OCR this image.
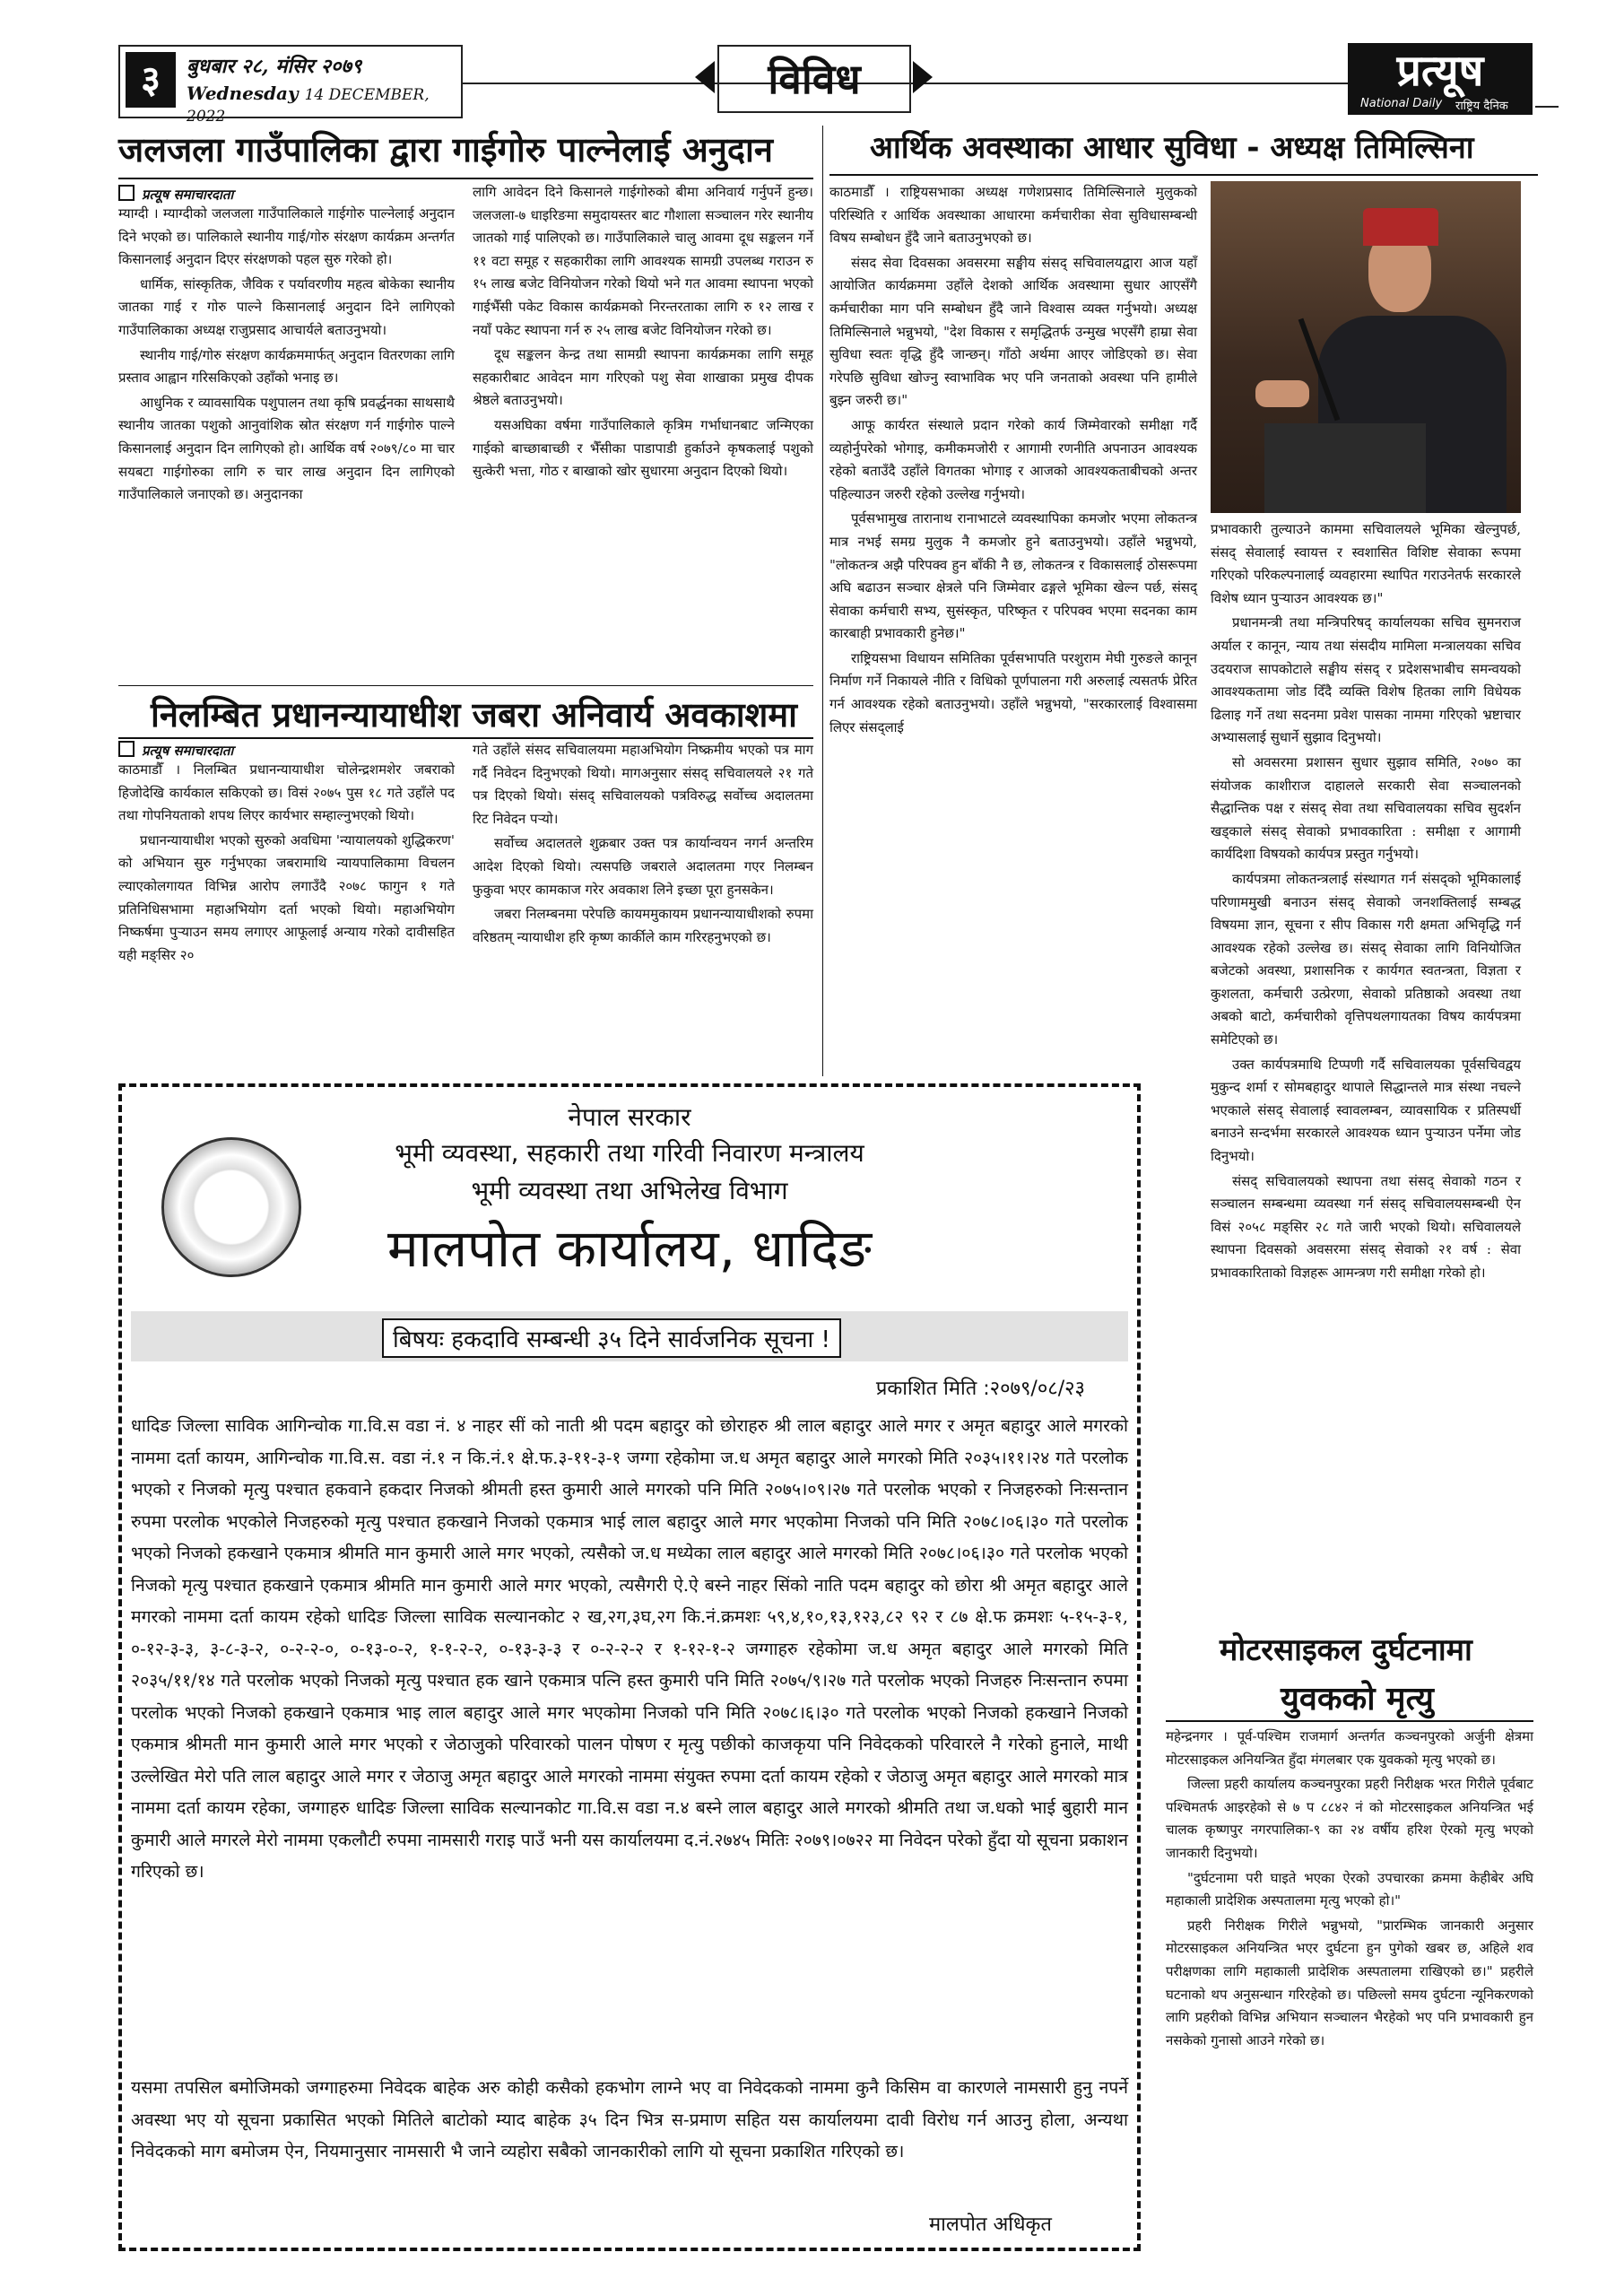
३	बुधबार २८, मंसिर २०७९
Wednesday 14 DECEMBER, 2022
विविध	प्रत्यूष
National Daily राष्ट्रिय दैनिक
जलजला गाउँपालिका द्वारा गाईगोरु पाल्नेलाई अनुदान
प्रत्यूष समाचारदाता

म्याग्दी । म्याग्दीको जलजला गाउँपालिकाले गाईगोरु पाल्नेलाई अनुदान दिने भएको छ। पालिकाले स्थानीय गाई/गोरु संरक्षण कार्यक्रम अन्तर्गत किसानलाई अनुदान दिएर संरक्षणको पहल सुरु गरेको हो।

धार्मिक, सांस्कृतिक, जैविक र पर्यावरणीय महत्व बोकेका स्थानीय जातका गाई र गोरु पाल्ने किसानलाई अनुदान दिने लागिएको गाउँपालिकाका अध्यक्ष राजुप्रसाद आचार्यले बताउनुभयो।

स्थानीय गाई/गोरु संरक्षण कार्यक्रममार्फत् अनुदान वितरणका लागि प्रस्ताव आह्वान गरिसकिएको उहाँको भनाइ छ।

आधुनिक र व्यावसायिक पशुपालन तथा कृषि प्रवर्द्धनका साथसाथै स्थानीय जातका पशुको आनुवांशिक स्रोत संरक्षण गर्न गाईगोरु पाल्ने किसानलाई अनुदान दिन लागिएको हो। आर्थिक वर्ष २०७९/८० मा चार सयबटा गाईगोरुका लागि रु चार लाख अनुदान दिन लागिएको गाउँपालिकाले जनाएको छ। अनुदानका

लागि आवेदन दिने किसानले गाईगोरुको बीमा अनिवार्य गर्नुपर्ने हुन्छ। जलजला-७ धाइरिङमा समुदायस्तर बाट गौशाला सञ्चालन गरेर स्थानीय जातको गाई पालिएको छ। गाउँपालिकाले चालु आवमा दूध सङ्कलन गर्ने ११ वटा समूह र सहकारीका लागि आवश्यक सामग्री उपलब्ध गराउन रु १५ लाख बजेट विनियोजन गरेको थियो भने गत आवमा स्थापना भएको गाईभैँसी पकेट विकास कार्यक्रमको निरन्तरताका लागि रु १२ लाख र नयाँ पकेट स्थापना गर्न रु २५ लाख बजेट विनियोजन गरेको छ।

दूध सङ्कलन केन्द्र तथा सामग्री स्थापना कार्यक्रमका लागि समूह सहकारीबाट आवेदन माग गरिएको पशु सेवा शाखाका प्रमुख दीपक श्रेष्ठले बताउनुभयो।

यसअघिका वर्षमा गाउँपालिकाले कृत्रिम गर्भाधानबाट जन्मिएका गाईको बाच्छाबाच्छी र भैँसीका पाडापाडी हुर्काउने कृषकलाई पशुको सुत्केरी भत्ता, गोठ र बाखाको खोर सुधारमा अनुदान दिएको थियो।

निलम्बित प्रधानन्यायाधीश जबरा अनिवार्य अवकाशमा
प्रत्यूष समाचारदाता

काठमाडौँ । निलम्बित प्रधानन्यायाधीश चोलेन्द्रशमशेर जबराको हिजोदेखि कार्यकाल सकिएको छ। विसं २०७५ पुस १८ गते उहाँले पद तथा गोपनियताको शपथ लिएर कार्यभार सम्हाल्नुभएको थियो।

प्रधानन्यायाधीश भएको सुरुको अवधिमा 'न्यायालयको शुद्धिकरण' को अभियान सुरु गर्नुभएका जबरामाथि न्यायपालिकामा विचलन ल्याएकोलगायत विभिन्न आरोप लगाउँदै २०७८ फागुन १ गते प्रतिनिधिसभामा महाअभियोग दर्ता भएको थियो। महाअभियोग निष्कर्षमा पुऱ्याउन समय लगाएर आफूलाई अन्याय गरेको दावीसहित यही मङ्सिर २०

गते उहाँले संसद सचिवालयमा महाअभियोग निष्क्रमीय भएको पत्र माग गर्दै निवेदन दिनुभएको थियो। मागअनुसार संसद् सचिवालयले २१ गते पत्र दिएको थियो। संसद् सचिवालयको पत्रविरुद्ध सर्वोच्च अदालतमा रिट निवेदन पऱ्यो।

सर्वोच्च अदालतले शुक्रबार उक्त पत्र कार्यान्वयन नगर्न अन्तरिम आदेश दिएको थियो। त्यसपछि जबराले अदालतमा गएर निलम्बन फुकुवा भएर कामकाज गरेर अवकाश लिने इच्छा पूरा हुनसकेन।

जबरा निलम्बनमा परेपछि कायममुकायम प्रधानन्यायाधीशको रुपमा वरिष्ठतम् न्यायाधीश हरि कृष्ण कार्कीले काम गरिरहनुभएको छ।

आर्थिक अवस्थाका आधार सुविधा - अध्यक्ष तिमिल्सिना

काठमाडौँ । राष्ट्रियसभाका अध्यक्ष गणेशप्रसाद तिमिल्सिनाले मुलुकको परिस्थिति र आर्थिक अवस्थाका आधारमा कर्मचारीका सेवा सुविधासम्बन्धी विषय सम्बोधन हुँदै जाने बताउनुभएको छ।

संसद सेवा दिवसका अवसरमा सङ्घीय संसद् सचिवालयद्वारा आज यहाँ आयोजित कार्यक्रममा उहाँले देशको आर्थिक अवस्थामा सुधार आएसँगै कर्मचारीका माग पनि सम्बोधन हुँदै जाने विश्वास व्यक्त गर्नुभयो। अध्यक्ष तिमिल्सिनाले भन्नुभयो, "देश विकास र समृद्धितर्फ उन्मुख भएसँगै हाम्रा सेवा सुविधा स्वतः वृद्धि हुँदै जान्छन्। गाँठो अर्थमा आएर जोडिएको छ। सेवा गरेपछि सुविधा खोज्नु स्वाभाविक भए पनि जनताको अवस्था पनि हामीले बुझ्न जरुरी छ।"

आफू कार्यरत संस्थाले प्रदान गरेको कार्य जिम्मेवारको समीक्षा गर्दै व्यहोर्नुपरेको भोगाइ, कमीकमजोरी र आगामी रणनीति अपनाउन आवश्यक रहेको बताउँदै उहाँले विगतका भोगाइ र आजको आवश्यकताबीचको अन्तर पहिल्याउन जरुरी रहेको उल्लेख गर्नुभयो।

पूर्वसभामुख तारानाथ रानाभाटले व्यवस्थापिका कमजोर भएमा लोकतन्त्र मात्र नभई समग्र मुलुक नै कमजोर हुने बताउनुभयो। उहाँले भन्नुभयो, "लोकतन्त्र अझै परिपक्व हुन बाँकी नै छ, लोकतन्त्र र विकासलाई ठोसरूपमा अघि बढाउन सञ्चार क्षेत्रले पनि जिम्मेवार ढङ्गले भूमिका खेल्न पर्छ, संसद् सेवाका कर्मचारी सभ्य, सुसंस्कृत, परिष्कृत र परिपक्व भएमा सदनका काम कारबाही प्रभावकारी हुनेछ।"

राष्ट्रियसभा विधायन समितिका पूर्वसभापति परशुराम मेघी गुरुङले कानून निर्माण गर्ने निकायले नीति र विधिको पूर्णपालना गरी अरुलाई त्यसतर्फ प्रेरित गर्न आवश्यक रहेको बताउनुभयो। उहाँले भन्नुभयो, "सरकारलाई विश्वासमा लिएर संसद्लाई

प्रभावकारी तुल्याउने काममा सचिवालयले भूमिका खेल्नुपर्छ, संसद् सेवालाई स्वायत्त र स्वशासित विशिष्ट सेवाका रूपमा गरिएको परिकल्पनालाई व्यवहारमा स्थापित गराउनेतर्फ सरकारले विशेष ध्यान पुऱ्याउन आवश्यक छ।"

प्रधानमन्त्री तथा मन्त्रिपरिषद् कार्यालयका सचिव सुमनराज अर्याल र कानून, न्याय तथा संसदीय मामिला मन्त्रालयका सचिव उदयराज सापकोटाले सङ्घीय संसद् र प्रदेशसभाबीच समन्वयको आवश्यकतामा जोड दिँदै व्यक्ति विशेष हितका लागि विधेयक ढिलाइ गर्ने तथा सदनमा प्रवेश पासका नाममा गरिएको भ्रष्टाचार अभ्यासलाई सुधार्ने सुझाव दिनुभयो।

सो अवसरमा प्रशासन सुधार सुझाव समिति, २०७० का संयोजक काशीराज दाहालले सरकारी सेवा सञ्चालनको सैद्धान्तिक पक्ष र संसद् सेवा तथा सचिवालयका सचिव सुदर्शन खड्काले संसद् सेवाको प्रभावकारिता : समीक्षा र आगामी कार्यदिशा विषयको कार्यपत्र प्रस्तुत गर्नुभयो।

कार्यपत्रमा लोकतन्त्रलाई संस्थागत गर्न संसद्को भूमिकालाई परिणाममुखी बनाउन संसद् सेवाको जनशक्तिलाई सम्बद्ध विषयमा ज्ञान, सूचना र सीप विकास गरी क्षमता अभिवृद्धि गर्न आवश्यक रहेको उल्लेख छ। संसद् सेवाका लागि विनियोजित बजेटको अवस्था, प्रशासनिक र कार्यगत स्वतन्त्रता, विज्ञता र कुशलता, कर्मचारी उत्प्रेरणा, सेवाको प्रतिष्ठाको अवस्था तथा अबको बाटो, कर्मचारीको वृत्तिपथलगायतका विषय कार्यपत्रमा समेटिएको छ।

उक्त कार्यपत्रमाथि टिप्पणी गर्दै सचिवालयका पूर्वसचिवद्वय मुकुन्द शर्मा र सोमबहादुर थापाले सिद्धान्तले मात्र संस्था नचल्ने भएकाले संसद् सेवालाई स्वावलम्बन, व्यावसायिक र प्रतिस्पर्धी बनाउने सन्दर्भमा सरकारले आवश्यक ध्यान पुऱ्याउन पर्नेमा जोड दिनुभयो।

संसद् सचिवालयको स्थापना तथा संसद् सेवाको गठन र सञ्चालन सम्बन्धमा व्यवस्था गर्न संसद् सचिवालयसम्बन्धी ऐन विसं २०५८ मङ्सिर २८ गते जारी भएको थियो। सचिवालयले स्थापना दिवसको अवसरमा संसद् सेवाको २१ वर्ष : सेवा प्रभावकारिताको विज्ञहरू आमन्त्रण गरी समीक्षा गरेको हो।

मोटरसाइकल दुर्घटनामा
युवकको मृत्यु

महेन्द्रनगर । पूर्व-पश्चिम राजमार्ग अन्तर्गत कञ्चनपुरको अर्जुनी क्षेत्रमा मोटरसाइकल अनियन्त्रित हुँदा मंगलबार एक युवकको मृत्यु भएको छ।

जिल्ला प्रहरी कार्यालय कञ्चनपुरका प्रहरी निरीक्षक भरत गिरीले पूर्वबाट पश्चिमतर्फ आइरहेको से ७ प ८८४२ नं को मोटरसाइकल अनियन्त्रित भई चालक कृष्णपुर नगरपालिका-९ का २४ वर्षीय हरिश ऐरको मृत्यु भएको जानकारी दिनुभयो।

"दुर्घटनामा परी घाइते भएका ऐरको उपचारका क्रममा केहीबेर अघि महाकाली प्रादेशिक अस्पतालमा मृत्यु भएको हो।"

प्रहरी निरीक्षक गिरीले भन्नुभयो, "प्रारम्भिक जानकारी अनुसार मोटरसाइकल अनियन्त्रित भएर दुर्घटना हुन पुगेको खबर छ, अहिले शव परीक्षणका लागि महाकाली प्रादेशिक अस्पतालमा राखिएको छ।" प्रहरीले घटनाको थप अनुसन्धान गरिरहेको छ। पछिल्लो समय दुर्घटना न्यूनिकरणको लागि प्रहरीको विभिन्न अभियान सञ्चालन भैरहेको भए पनि प्रभावकारी हुन नसकेको गुनासो आउने गरेको छ।

नेपाल सरकार
भूमी व्यवस्था, सहकारी तथा गरिवी निवारण मन्त्रालय
भूमी व्यवस्था तथा अभिलेख विभाग
मालपोत कार्यालय, धादिङ
बिषयः हकदावि सम्बन्धी ३५ दिने सार्वजनिक सूचना !
प्रकाशित मिति :२०७९/०८/२३
धादिङ जिल्ला साविक आगिन्चोक गा.वि.स वडा नं. ४ नाहर सीं को नाती श्री पदम बहादुर को छोराहरु श्री लाल बहादुर आले मगर र अमृत बहादुर आले मगरको नाममा दर्ता कायम, आगिन्चोक गा.वि.स. वडा नं.१ न कि.नं.१ क्षे.फ.३-११-३-१ जग्गा रहेकोमा ज.ध अमृत बहादुर आले मगरको मिति २०३५।११।२४ गते परलोक भएको र निजको मृत्यु पश्चात हकवाने हकदार निजको श्रीमती हस्त कुमारी आले मगरको पनि मिति २०७५।०९।२७ गते परलोक भएको र निजहरुको निःसन्तान रुपमा परलोक भएकोले निजहरुको मृत्यु पश्चात हकखाने निजको एकमात्र भाई लाल बहादुर आले मगर भएकोमा निजको पनि मिति २०७८।०६।३० गते परलोक भएको निजको हकखाने एकमात्र श्रीमति मान कुमारी आले मगर भएको, त्यसैको ज.ध मध्येका लाल बहादुर आले मगरको मिति २०७८।०६।३० गते परलोक भएको निजको मृत्यु पश्चात हकखाने एकमात्र श्रीमति मान कुमारी आले मगर भएको, त्यसैगरी ऐ.ऐ बस्ने नाहर सिंको नाति पदम बहादुर को छोरा श्री अमृत बहादुर आले मगरको नाममा दर्ता कायम रहेको धादिङ जिल्ला साविक सल्यानकोट २ ख,२ग,३घ,२ग कि.नं.क्रमशः ५९,४,१०,१३,१२३,८२ ९२ र ८७ क्षे.फ क्रमशः ५-१५-३-१, ०-१२-३-३, ३-८-३-२, ०-२-२-०, ०-१३-०-२, १-१-२-२, ०-१३-३-३ र ०-२-२-२ र १-१२-१-२ जग्गाहरु रहेकोमा ज.ध अमृत बहादुर आले मगरको मिति २०३५/११/१४ गते परलोक भएको निजको मृत्यु पश्चात हक खाने एकमात्र पत्नि हस्त कुमारी पनि मिति २०७५/९।२७ गते परलोक भएको निजहरु निःसन्तान रुपमा परलोक भएको निजको हकखाने एकमात्र भाइ लाल बहादुर आले मगर भएकोमा निजको पनि मिति २०७८।६।३० गते परलोक भएको निजको हकखाने निजको एकमात्र श्रीमती मान कुमारी आले मगर भएको र जेठाजुको परिवारको पालन पोषण र मृत्यु पछीको काजकृया पनि निवेदकको परिवारले नै गरेको हुनाले, माथी उल्लेखित मेरो पति लाल बहादुर आले मगर र जेठाजु अमृत बहादुर आले मगरको नाममा संयुक्त रुपमा दर्ता कायम रहेको र जेठाजु अमृत बहादुर आले मगरको मात्र नाममा दर्ता कायम रहेका, जग्गाहरु धादिङ जिल्ला साविक सल्यानकोट गा.वि.स वडा न.४ बस्ने लाल बहादुर आले मगरको श्रीमति तथा ज.धको भाई बुहारी मान कुमारी आले मगरले मेरो नाममा एकलौटी रुपमा नामसारी गराइ पाउँ भनी यस कार्यालयमा द.नं.२७४५ मितिः २०७९।०७२२ मा निवेदन परेको हुँदा यो सूचना प्रकाशन गरिएको छ।
यसमा तपसिल बमोजिमको जग्गाहरुमा निवेदक बाहेक अरु कोही कसैको हकभोग लाग्ने भए वा निवेदकको नाममा कुनै किसिम वा कारणले नामसारी हुनु नपर्ने अवस्था भए यो सूचना प्रकासित भएको मितिले बाटोको म्याद बाहेक ३५ दिन भित्र स-प्रमाण सहित यस कार्यालयमा दावी विरोध गर्न आउनु होला, अन्यथा निवेदकको माग बमोजम ऐन, नियमानुसार नामसारी भै जाने व्यहोरा सबैको जानकारीको लागि यो सूचना प्रकाशित गरिएको छ।
मालपोत अधिकृत
